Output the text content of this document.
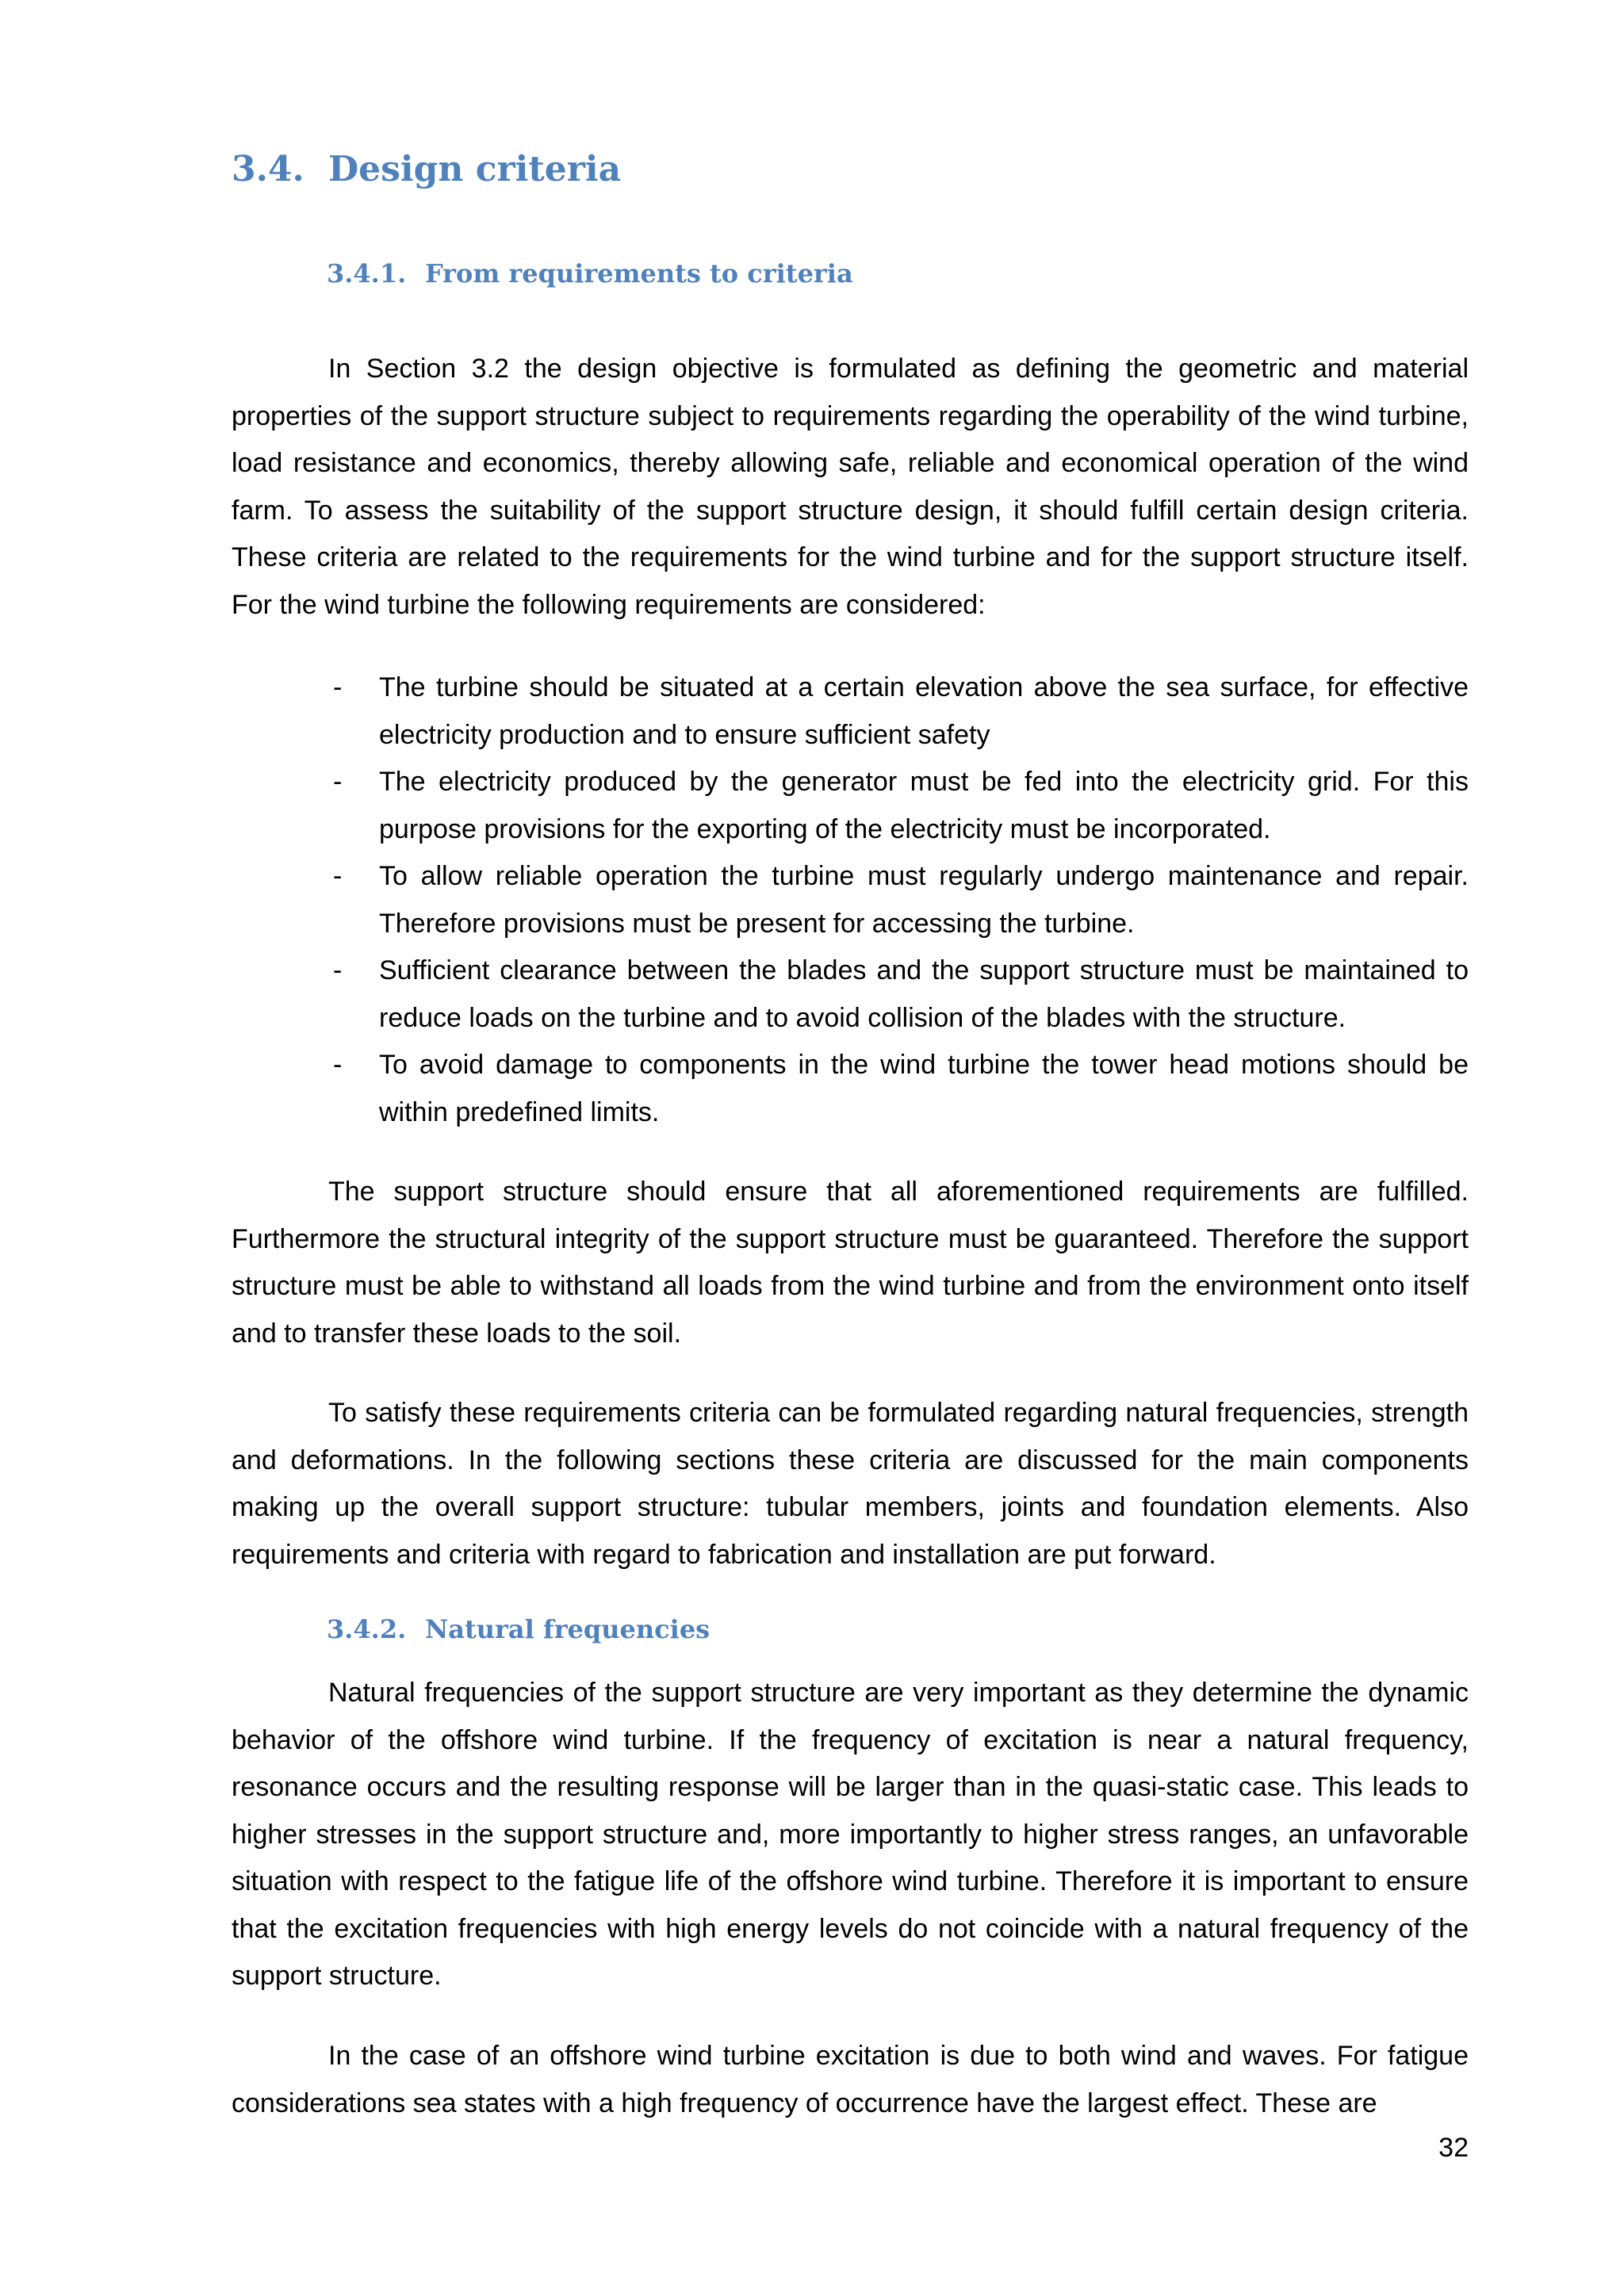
3.4. Design criteria
3.4.1. From requirements to criteria

In Section 3.2 the design objective is formulated as defining the geometric and material properties of the support structure subject to requirements regarding the operability of the wind turbine, load resistance and economics, thereby allowing safe, reliable and economical operation of the wind farm. To assess the suitability of the support structure design, it should fulfill certain design criteria. These criteria are related to the requirements for the wind turbine and for the support structure itself. For the wind turbine the following requirements are considered:

- The turbine should be situated at a certain elevation above the sea surface, for effective electricity production and to ensure sufficient safety
- The electricity produced by the generator must be fed into the electricity grid. For this purpose provisions for the exporting of the electricity must be incorporated.
- To allow reliable operation the turbine must regularly undergo maintenance and repair. Therefore provisions must be present for accessing the turbine.
- Sufficient clearance between the blades and the support structure must be maintained to reduce loads on the turbine and to avoid collision of the blades with the structure.
- To avoid damage to components in the wind turbine the tower head motions should be within predefined limits.

The support structure should ensure that all aforementioned requirements are fulfilled. Furthermore the structural integrity of the support structure must be guaranteed. Therefore the support structure must be able to withstand all loads from the wind turbine and from the environment onto itself and to transfer these loads to the soil.

To satisfy these requirements criteria can be formulated regarding natural frequencies, strength and deformations. In the following sections these criteria are discussed for the main components making up the overall support structure: tubular members, joints and foundation elements. Also requirements and criteria with regard to fabrication and installation are put forward.

3.4.2. Natural frequencies

Natural frequencies of the support structure are very important as they determine the dynamic behavior of the offshore wind turbine. If the frequency of excitation is near a natural frequency, resonance occurs and the resulting response will be larger than in the quasi-static case. This leads to higher stresses in the support structure and, more importantly to higher stress ranges, an unfavorable situation with respect to the fatigue life of the offshore wind turbine. Therefore it is important to ensure that the excitation frequencies with high energy levels do not coincide with a natural frequency of the support structure.

In the case of an offshore wind turbine excitation is due to both wind and waves. For fatigue considerations sea states with a high frequency of occurrence have the largest effect. These are

32
